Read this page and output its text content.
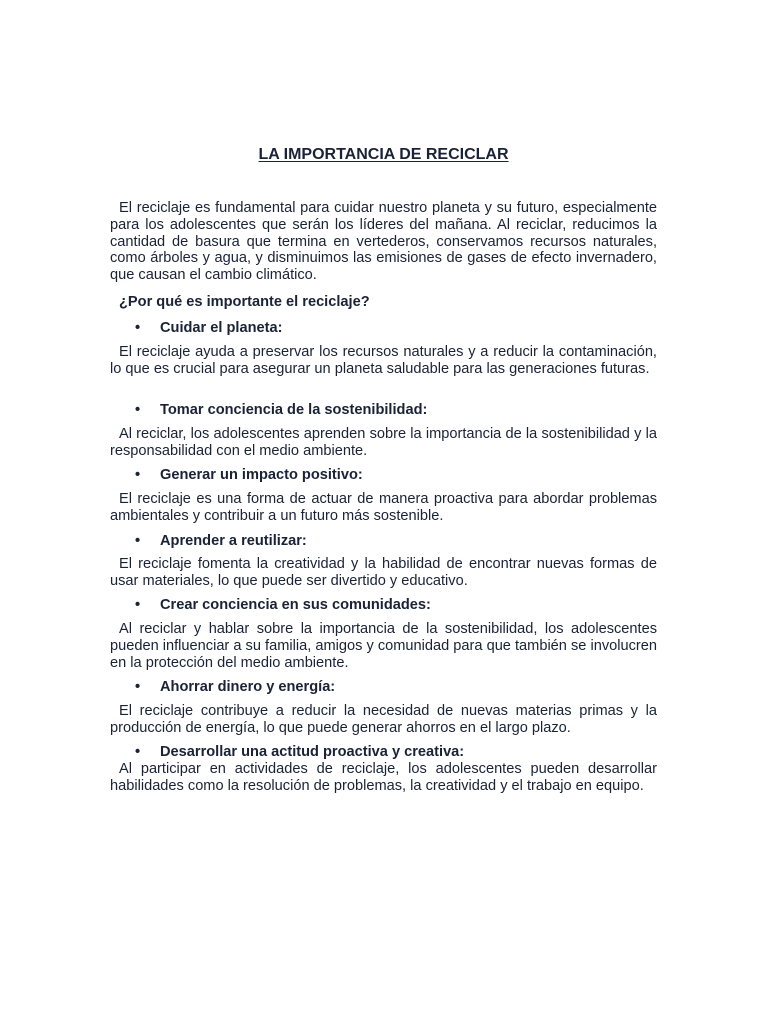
LA IMPORTANCIA DE RECICLAR

El reciclaje es fundamental para cuidar nuestro planeta y su futuro, especialmente para los adolescentes que serán los líderes del mañana. Al reciclar, reducimos la cantidad de basura que termina en vertederos, conservamos recursos naturales, como árboles y agua, y disminuimos las emisiones de gases de efecto invernadero, que causan el cambio climático.

¿Por qué es importante el reciclaje?

• Cuidar el planeta:

El reciclaje ayuda a preservar los recursos naturales y a reducir la contaminación, lo que es crucial para asegurar un planeta saludable para las generaciones futuras.

• Tomar conciencia de la sostenibilidad:

Al reciclar, los adolescentes aprenden sobre la importancia de la sostenibilidad y la responsabilidad con el medio ambiente.

• Generar un impacto positivo:

El reciclaje es una forma de actuar de manera proactiva para abordar problemas ambientales y contribuir a un futuro más sostenible.

• Aprender a reutilizar:

El reciclaje fomenta la creatividad y la habilidad de encontrar nuevas formas de usar materiales, lo que puede ser divertido y educativo.

• Crear conciencia en sus comunidades:

Al reciclar y hablar sobre la importancia de la sostenibilidad, los adolescentes pueden influenciar a su familia, amigos y comunidad para que también se involucren en la protección del medio ambiente.

• Ahorrar dinero y energía:

El reciclaje contribuye a reducir la necesidad de nuevas materias primas y la producción de energía, lo que puede generar ahorros en el largo plazo.

• Desarrollar una actitud proactiva y creativa:

Al participar en actividades de reciclaje, los adolescentes pueden desarrollar habilidades como la resolución de problemas, la creatividad y el trabajo en equipo.
